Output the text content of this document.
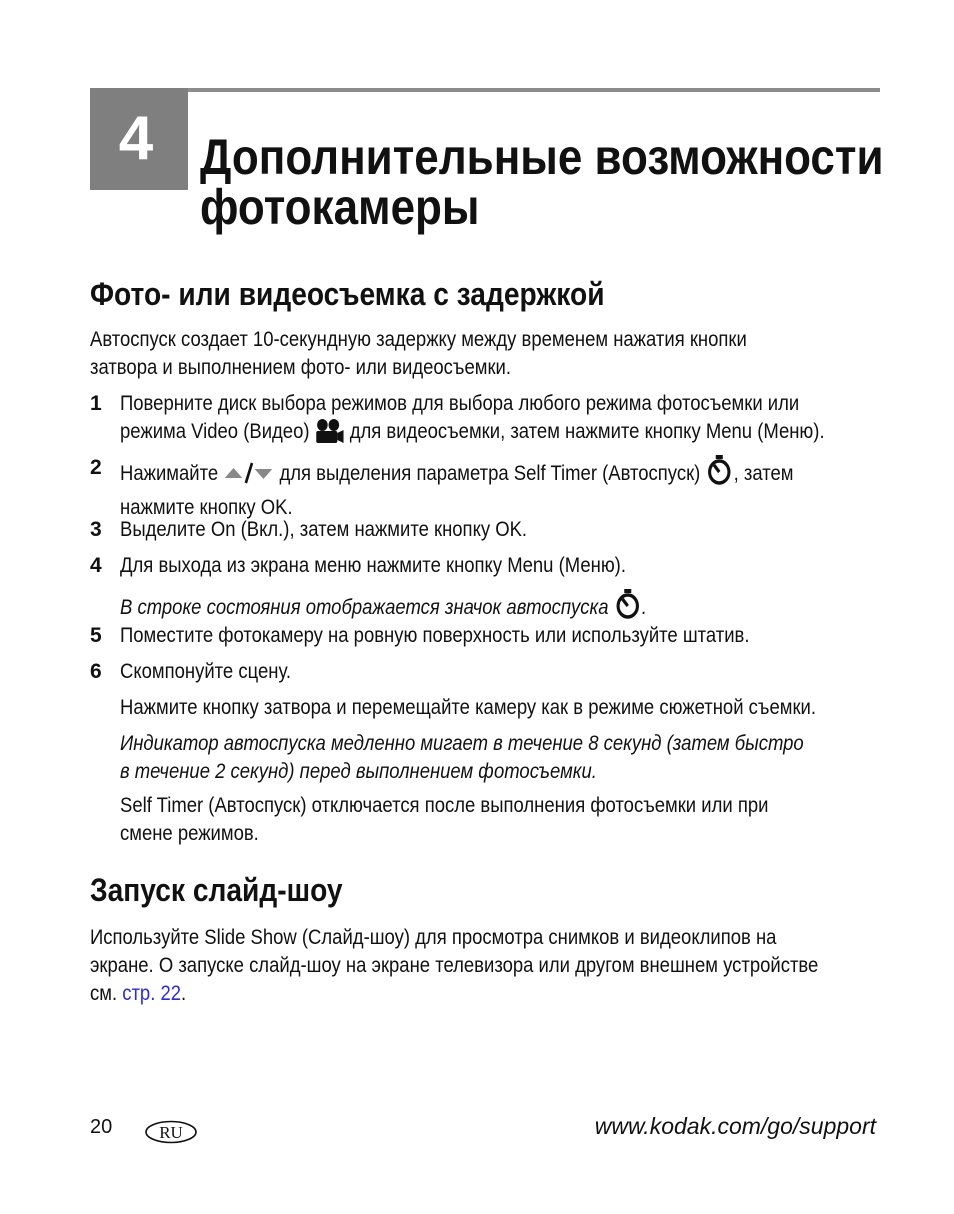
4 Дополнительные возможности
фотокамеры
Фото- или видеосъемка с задержкой
Автоспуск создает 10-секундную задержку между временем нажатия кнопки
затвора и выполнением фото- или видеосъемки.
1 Поверните диск выбора режимов для выбора любого режима фотосъемки или
режима Video (Видео)  для видеосъемки, затем нажмите кнопку Menu (Меню).
2 Нажимайте  для выделения параметра Self Timer (Автоспуск) , затем
нажмите кнопку OK.
3 Выделите On (Вкл.), затем нажмите кнопку OK.
4 Для выхода из экрана меню нажмите кнопку Menu (Меню).
В строке состояния отображается значок автоспуска .
5 Поместите фотокамеру на ровную поверхность или используйте штатив.
6 Скомпонуйте сцену.
Нажмите кнопку затвора и перемещайте камеру как в режиме сюжетной съемки.
Индикатор автоспуска медленно мигает в течение 8 секунд (затем быстро
в течение 2 секунд) перед выполнением фотосъемки.
Self Timer (Автоспуск) отключается после выполнения фотосъемки или при
смене режимов.
Запуск слайд-шоу
Используйте Slide Show (Слайд-шоу) для просмотра снимков и видеоклипов на
экране. О запуске слайд-шоу на экране телевизора или другом внешнем устройстве
см. стр. 22.
20	RU	www.kodak.com/go/support
